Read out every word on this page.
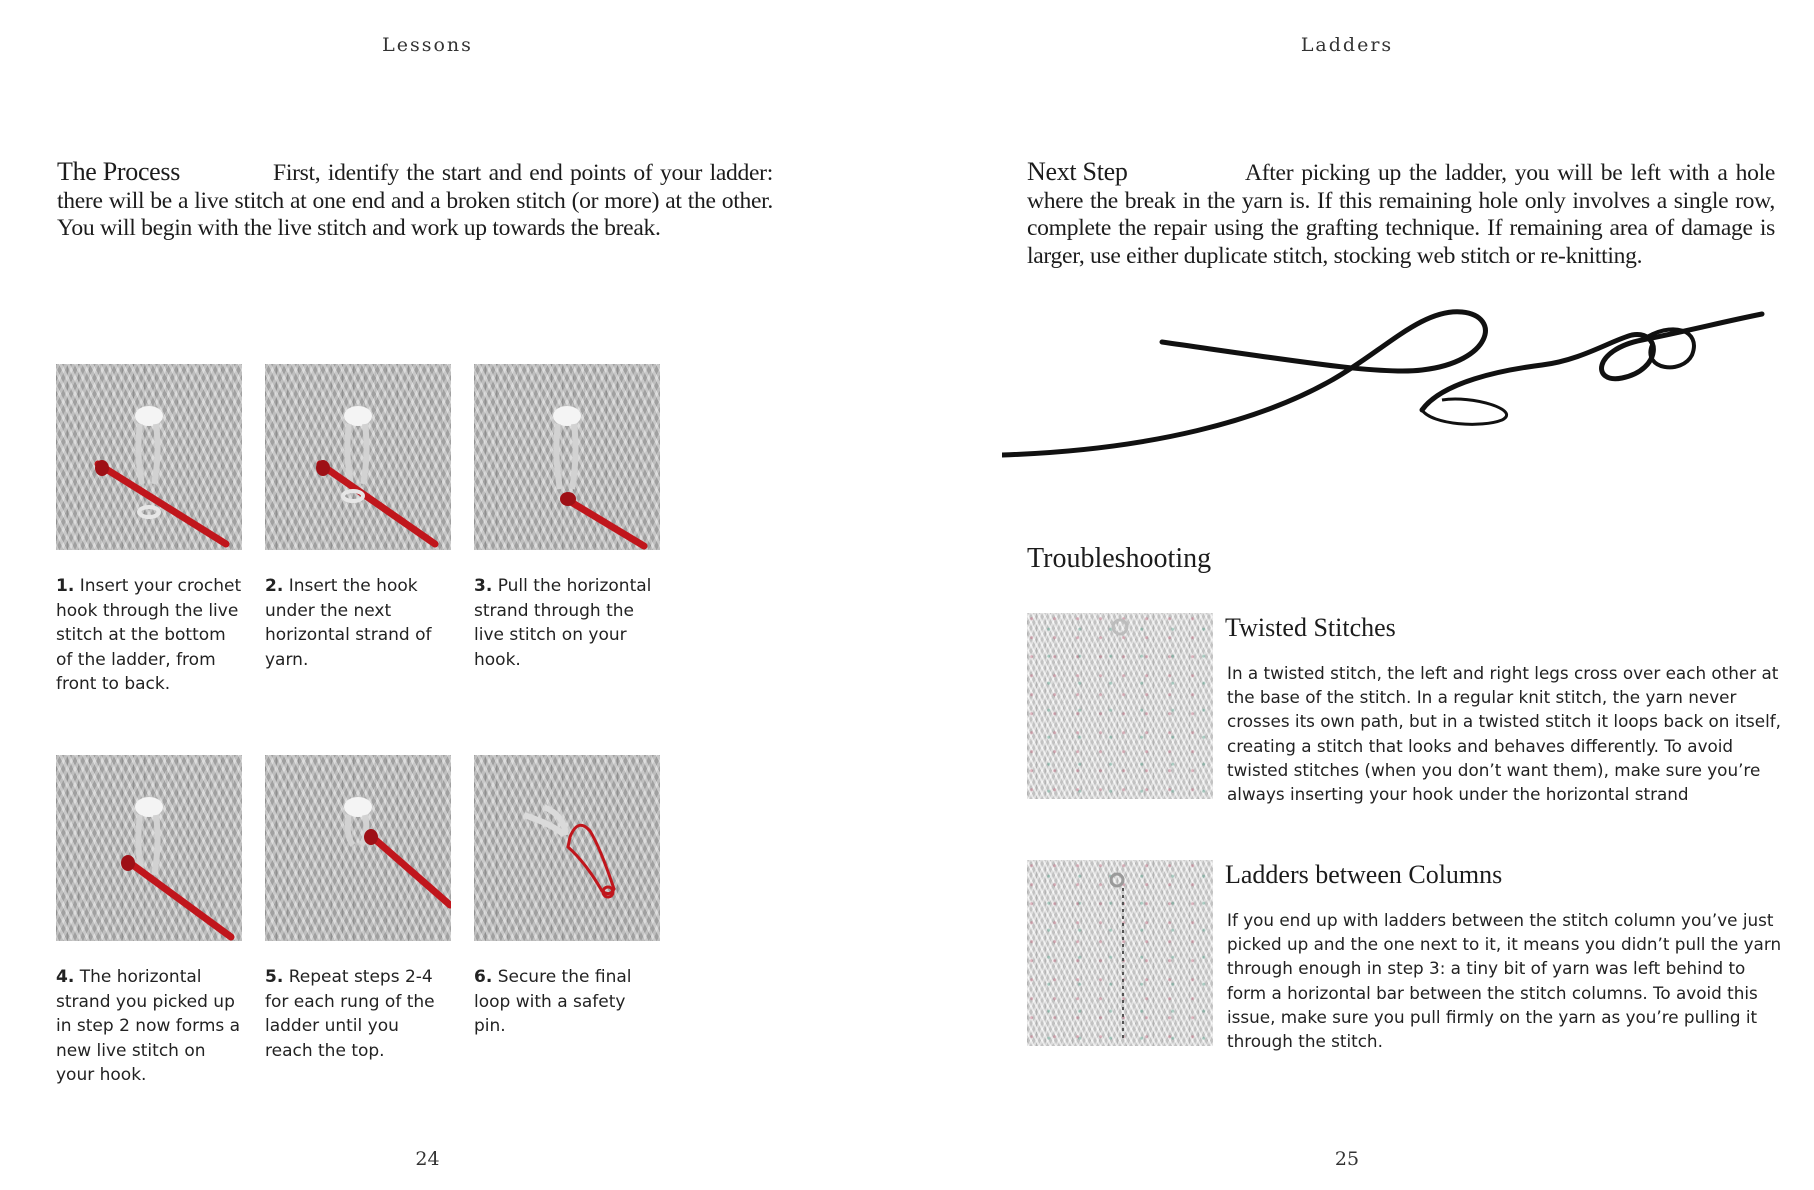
Lessons

The Process	First, identify the start and end points of your ladder: there will be a live stitch at one end and a broken stitch (or more) at the other. You will begin with the live stitch and work up towards the break.

1. Insert your crochet hook through the live stitch at the bottom of the ladder, from front to back.
2. Insert the hook under the next horizontal strand of yarn.
3. Pull the horizontal strand through the live stitch on your hook.
4. The horizontal strand you picked up in step 2 now forms a new live stitch on your hook.
5. Repeat steps 2-4 for each rung of the ladder until you reach the top.
6. Secure the final loop with a safety pin.
24
Ladders

Next Step	After picking up the ladder, you will be left with a hole where the break in the yarn is. If this remaining hole only involves a single row, complete the repair using the grafting technique. If remaining area of damage is larger, use either duplicate stitch, stocking web stitch or re-knitting.

Troubleshooting
Twisted Stitches
In a twisted stitch, the left and right legs cross over each other at the base of the stitch. In a regular knit stitch, the yarn never crosses its own path, but in a twisted stitch it loops back on itself, creating a stitch that looks and behaves differently. To avoid twisted stitches (when you don’t want them), make sure you’re always inserting your hook under the horizontal strand
Ladders between Columns
If you end up with ladders between the stitch column you’ve just picked up and the one next to it, it means you didn’t pull the yarn through enough in step 3: a tiny bit of yarn was left behind to form a horizontal bar between the stitch columns. To avoid this issue, make sure you pull firmly on the yarn as you’re pulling it through the stitch.
25
